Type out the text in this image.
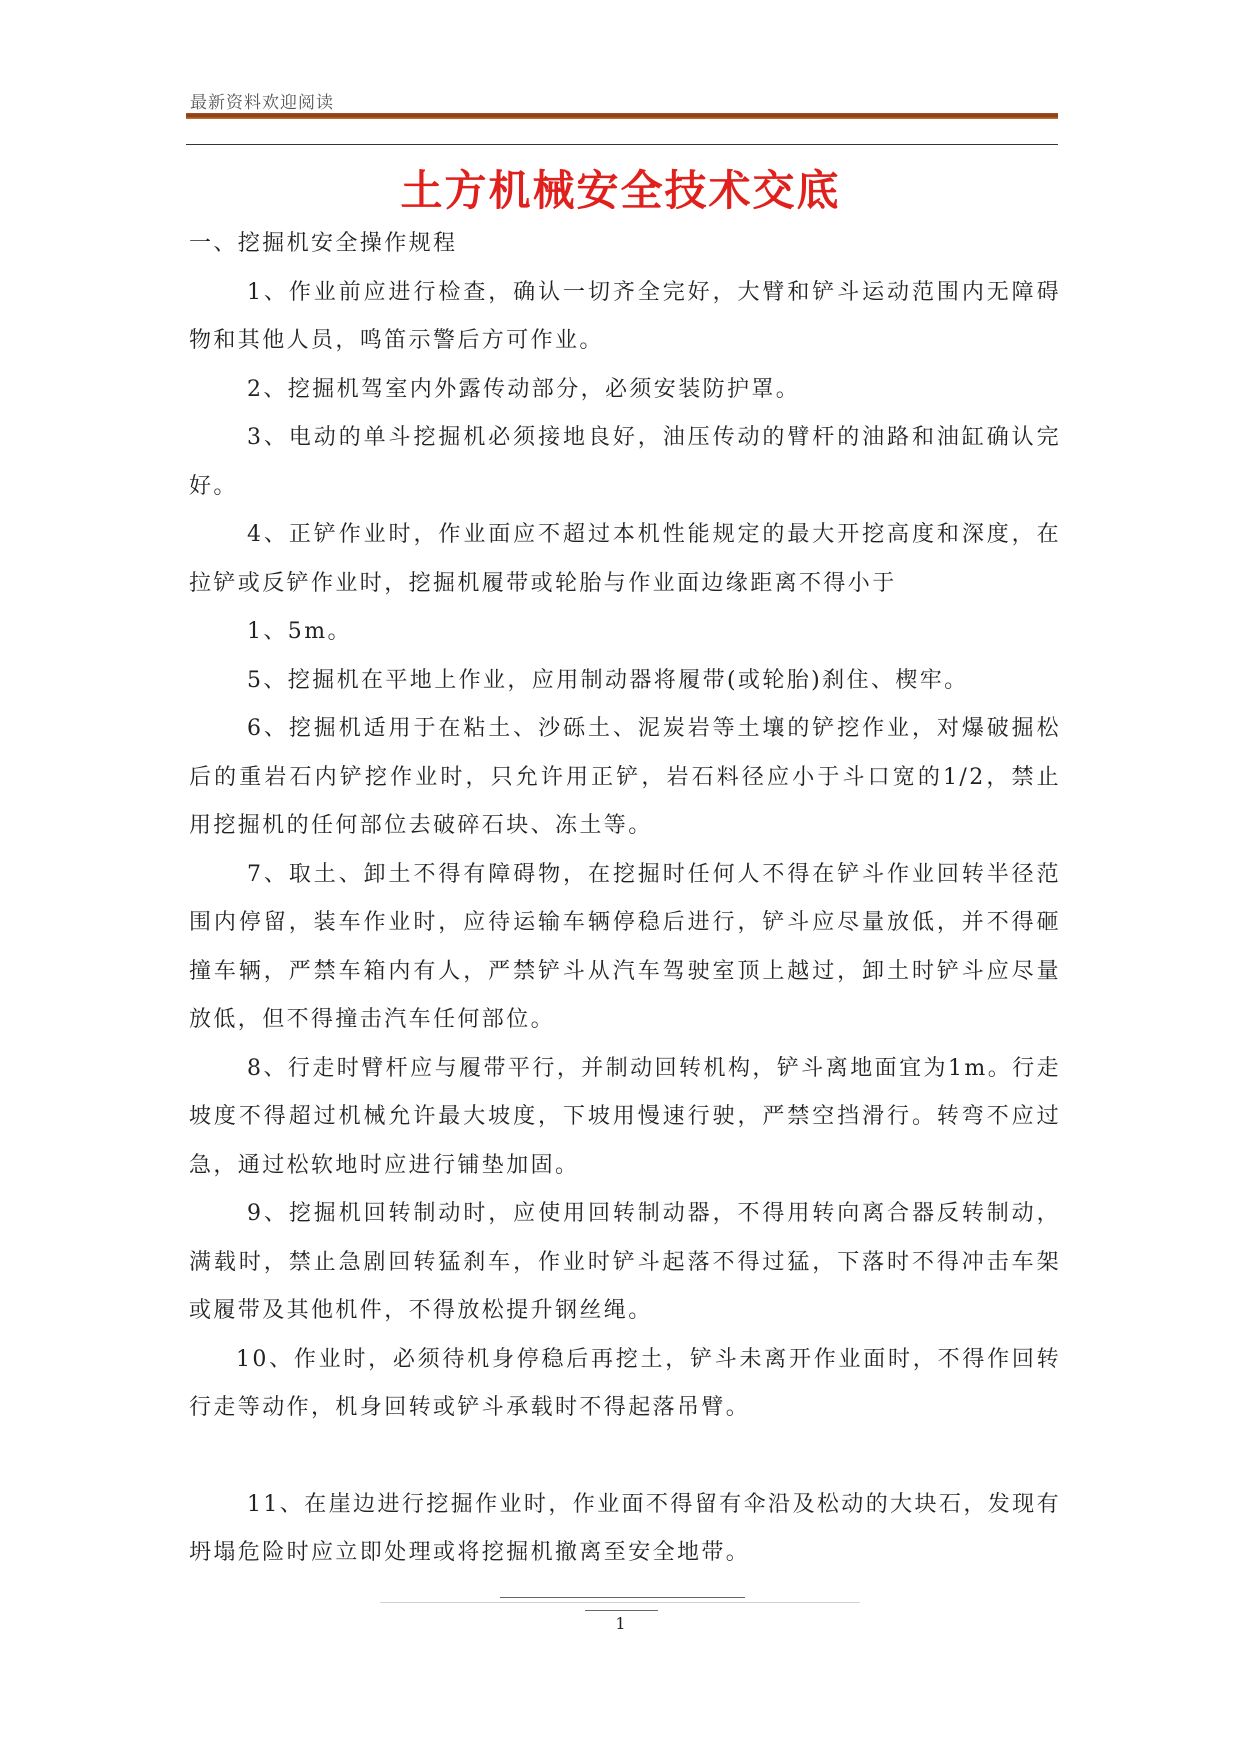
最新资料欢迎阅读
土方机械安全技术交底

一、挖掘机安全操作规程

1、作业前应进行检查，确认一切齐全完好，大臂和铲斗运动范围内无障碍物和其他人员，鸣笛示警后方可作业。

2、挖掘机驾室内外露传动部分，必须安装防护罩。

3、电动的单斗挖掘机必须接地良好，油压传动的臂杆的油路和油缸确认完好。

4、正铲作业时，作业面应不超过本机性能规定的最大开挖高度和深度，在拉铲或反铲作业时，挖掘机履带或轮胎与作业面边缘距离不得小于

1、5m。

5、挖掘机在平地上作业，应用制动器将履带(或轮胎)刹住、楔牢。

6、挖掘机适用于在粘土、沙砾土、泥炭岩等土壤的铲挖作业，对爆破掘松后的重岩石内铲挖作业时，只允许用正铲，岩石料径应小于斗口宽的1/2，禁止用挖掘机的任何部位去破碎石块、冻土等。

7、取土、卸土不得有障碍物，在挖掘时任何人不得在铲斗作业回转半径范围内停留，装车作业时，应待运输车辆停稳后进行，铲斗应尽量放低，并不得砸撞车辆，严禁车箱内有人，严禁铲斗从汽车驾驶室顶上越过，卸土时铲斗应尽量放低，但不得撞击汽车任何部位。

8、行走时臂杆应与履带平行，并制动回转机构，铲斗离地面宜为1m。行走坡度不得超过机械允许最大坡度，下坡用慢速行驶，严禁空挡滑行。转弯不应过急，通过松软地时应进行铺垫加固。

9、挖掘机回转制动时，应使用回转制动器，不得用转向离合器反转制动，满载时，禁止急剧回转猛刹车，作业时铲斗起落不得过猛，下落时不得冲击车架或履带及其他机件，不得放松提升钢丝绳。

10、作业时，必须待机身停稳后再挖土，铲斗未离开作业面时，不得作回转行走等动作，机身回转或铲斗承载时不得起落吊臂。

11、在崖边进行挖掘作业时，作业面不得留有伞沿及松动的大块石，发现有坍塌危险时应立即处理或将挖掘机撤离至安全地带。

1
